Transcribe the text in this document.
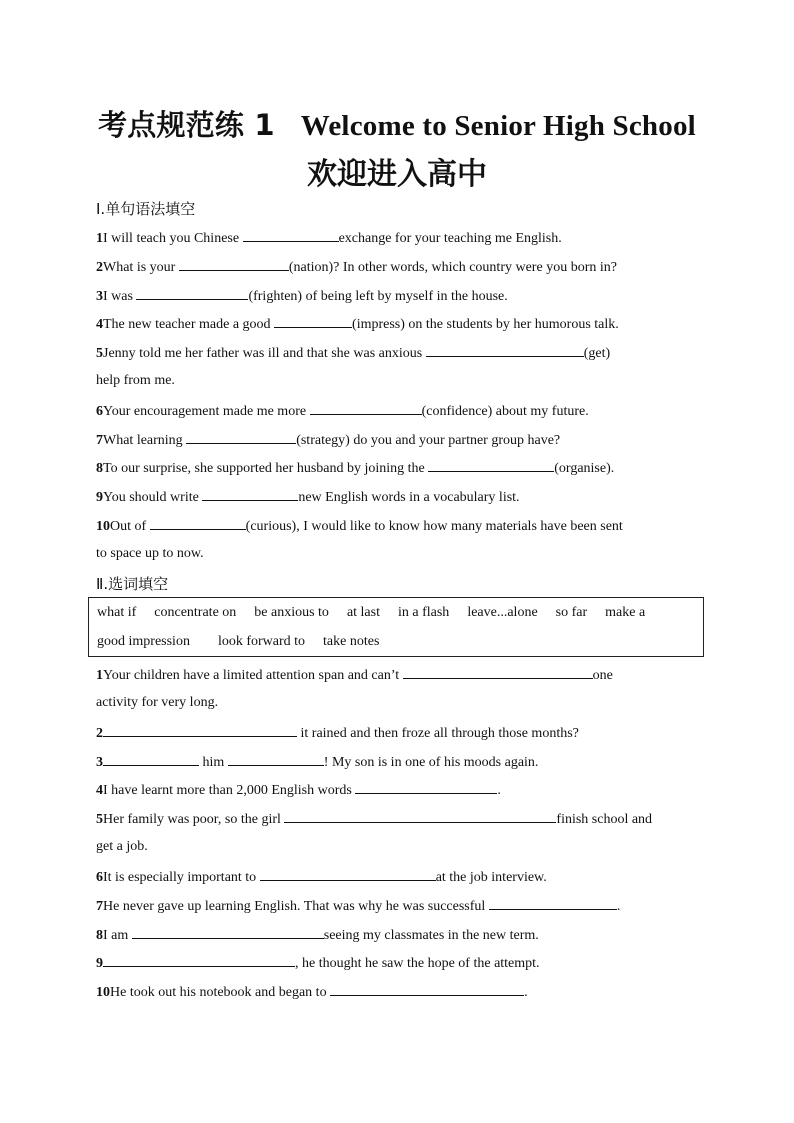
考点规范练 1 Welcome to Senior High School
欢迎进入高中
Ⅰ.单句语法填空
1I will teach you Chinese	exchange for your teaching me English.
2What is your	(nation)? In other words, which country were you born in?
3I was	(frighten) of being left by myself in the house.
4The new teacher made a good	(impress) on the students by her humorous talk.
5Jenny told me her father was ill and that she was anxious	(get)
help from me.
6Your encouragement made me more	(confidence) about my future.
7What learning	(strategy) do you and your partner group have?
8To our surprise, she supported her husband by joining the	(organise).
9You should write	new English words in a vocabulary list.
10Out of	(curious), I would like to know how many materials have been sent
to space up to now.
Ⅱ.选词填空
what if concentrate on be anxious to at last in a flash leave...alone so far make a
good impression look forward to take notes
1Your children have a limited attention span and can’t	one
activity for very long.
2	it rained and then froze all through those months?
3	him	! My son is in one of his moods again.
4I have learnt more than 2,000 English words	.
5Her family was poor, so the girl	finish school and
get a job.
6It is especially important to	at the job interview.
7He never gave up learning English. That was why he was successful	.
8I am	seeing my classmates in the new term.
9	, he thought he saw the hope of the attempt.
10He took out his notebook and began to	.
